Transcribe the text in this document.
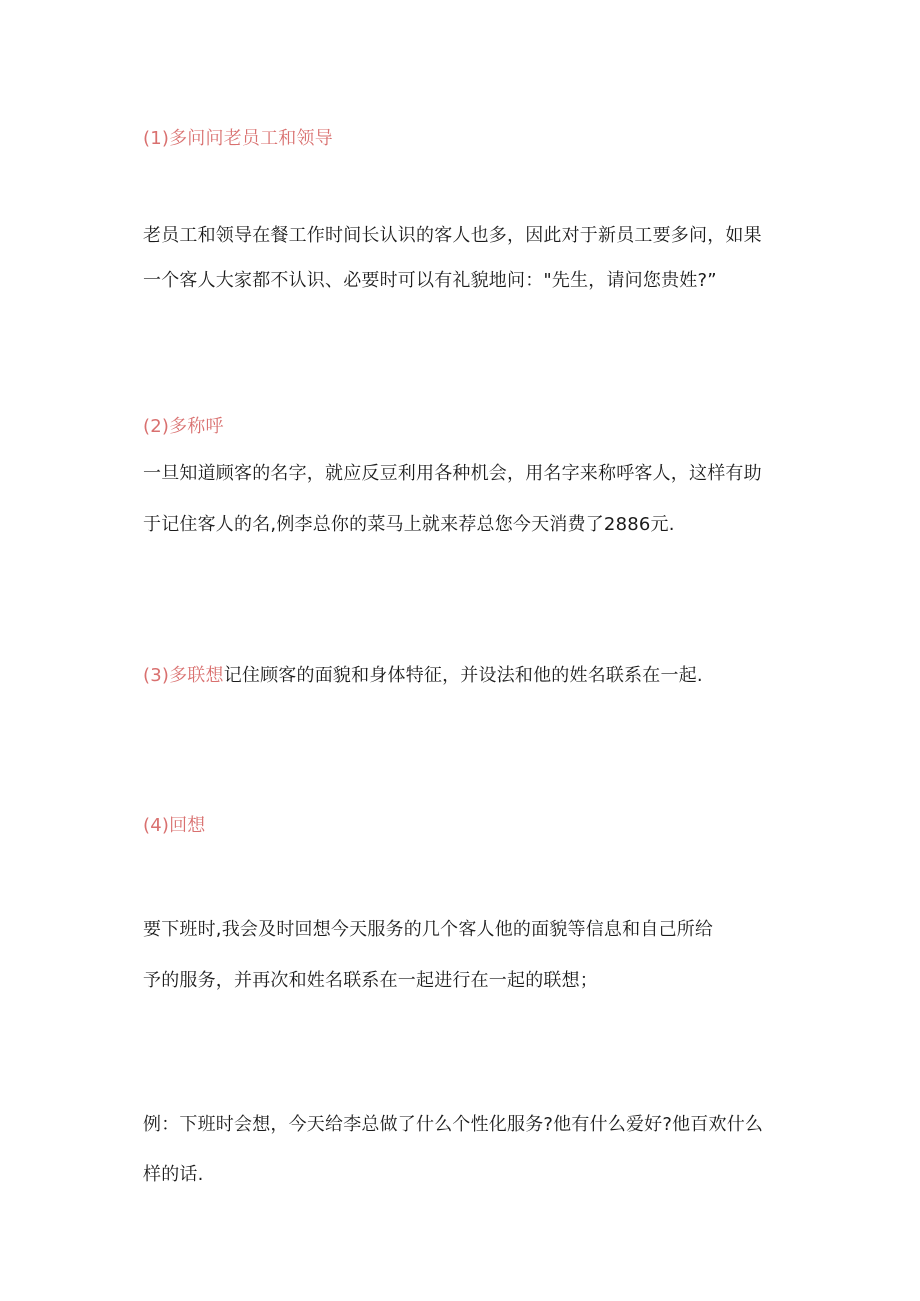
(1)多问问老员工和领导
老员工和领导在餐工作时间长认识的客人也多，因此对于新员工要多问，如果
一个客人大家都不认识、必要时可以有礼貌地问："先生，请问您贵姓?”
(2)多称呼
一旦知道顾客的名字，就应反豆利用各种机会，用名字来称呼客人，这样有助
于记住客人的名,例李总你的菜马上就来荐总您今天消费了2886元.
(3)多联想记住顾客的面貌和身体特征，并设法和他的姓名联系在一起.
(4)回想
要下班时,我会及时回想今天服务的几个客人他的面貌等信息和自己所给
予的服务，并再次和姓名联系在一起进行在一起的联想；
例：下班时会想，今天给李总做了什么个性化服务?他有什么爱好?他百欢什么
样的话.
